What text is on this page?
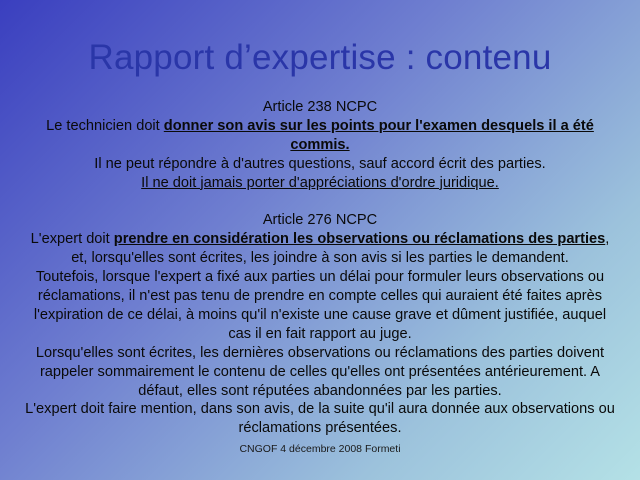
Rapport d’expertise : contenu

Article 238 NCPC

Le technicien doit donner son avis sur les points pour l'examen desquels il a été commis.

Il ne peut répondre à d'autres questions, sauf accord écrit des parties.

Il ne doit jamais porter d'appréciations d'ordre juridique.

Article 276 NCPC

L'expert doit prendre en considération les observations ou réclamations des parties, et, lorsqu'elles sont écrites, les joindre à son avis si les parties le demandent.

Toutefois, lorsque l'expert a fixé aux parties un délai pour formuler leurs observations ou réclamations, il n'est pas tenu de prendre en compte celles qui auraient été faites après l'expiration de ce délai, à moins qu'il n'existe une cause grave et dûment justifiée, auquel cas il en fait rapport au juge.

Lorsqu'elles sont écrites, les dernières observations ou réclamations des parties doivent rappeler sommairement le contenu de celles qu'elles ont présentées antérieurement. A défaut, elles sont réputées abandonnées par les parties.

L'expert doit faire mention, dans son avis, de la suite qu'il aura donnée aux observations ou réclamations présentées.

CNGOF 4 décembre 2008 Formeti
